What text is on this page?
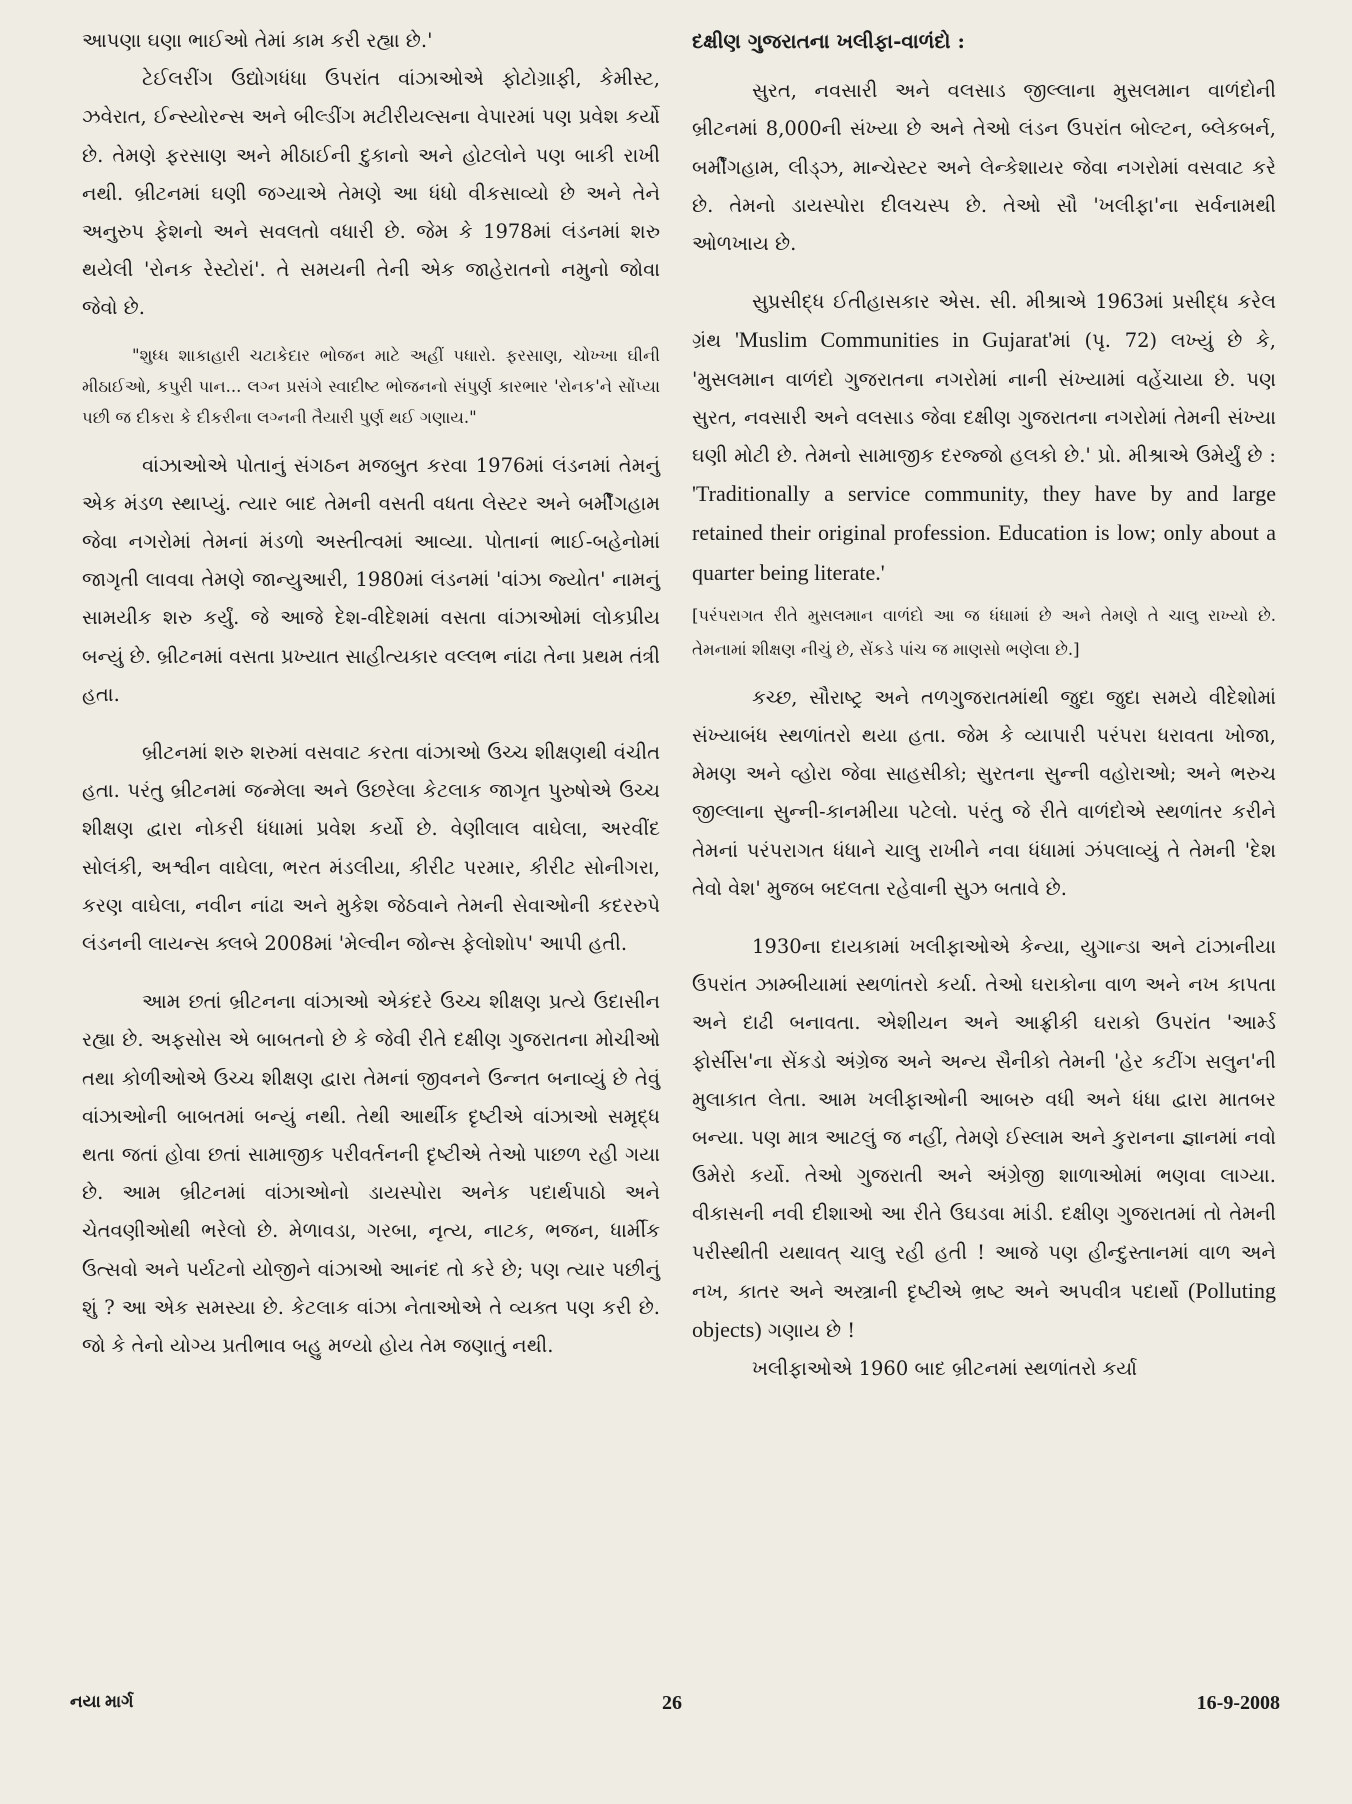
આપણા ઘણા ભાઈઓ તેમાં કામ કરી રહ્યા છે.'

ટેઈલરીંગ ઉદ્યોગધંધા ઉપરાંત વાંઝાઓએ ફોટોગ્રાફી, કેમીસ્ટ, ઝવેરાત, ઈન્સ્યોરન્સ અને બીલ્ડીંગ મટીરીયલ્સના વેપારમાં પણ પ્રવેશ કર્યો છે. તેમણે ફરસાણ અને મીઠાઈની દુકાનો અને હોટલોને પણ બાકી રાખી નથી. બ્રીટનમાં ઘણી જગ્યાએ તેમણે આ ધંધો વીકસાવ્યો છે અને તેને અનુરુપ ફેશનો અને સવલતો વધારી છે. જેમ કે 1978માં લંડનમાં શરુ થયેલી 'રોનક રેસ્ટોરાં'. તે સમયની તેની એક જાહેરાતનો નમુનો જોવા જેવો છે.

"શુધ્ધ શાકાહારી ચટાકેદાર ભોજન માટે અહીં પધારો. ફરસાણ, ચોખ્ખા ઘીની મીઠાઈઓ, કપુરી પાન... લગ્ન પ્રસંગે સ્વાદીષ્ટ ભોજનનો સંપુર્ણ કારભાર 'રોનક'ને સોંપ્યા પછી જ દીકરા કે દીકરીના લગ્નની તૈયારી પુર્ણ થઈ ગણાય."

વાંઝાઓએ પોતાનું સંગઠન મજબુત કરવા 1976માં લંડનમાં તેમનું એક મંડળ સ્થાપ્યું. ત્યાર બાદ તેમની વસતી વધતા લેસ્ટર અને બર્મીંગહામ જેવા નગરોમાં તેમનાં મંડળો અસ્તીત્વમાં આવ્યા. પોતાનાં ભાઈ-બહેનોમાં જાગૃતી લાવવા તેમણે જાન્યુઆરી, 1980માં લંડનમાં 'વાંઝા જ્યોત' નામનું સામયીક શરુ કર્યું. જે આજે દેશ-વીદેશમાં વસતા વાંઝાઓમાં લોકપ્રીય બન્યું છે. બ્રીટનમાં વસતા પ્રખ્યાત સાહીત્યકાર વલ્લભ નાંઢા તેના પ્રથમ તંત્રી હતા.

બ્રીટનમાં શરુ શરુમાં વસવાટ કરતા વાંઝાઓ ઉચ્ચ શીક્ષણથી વંચીત હતા. પરંતુ બ્રીટનમાં જન્મેલા અને ઉછરેલા કેટલાક જાગૃત પુરુષોએ ઉચ્ચ શીક્ષણ દ્વારા નોકરી ધંધામાં પ્રવેશ કર્યો છે. વેણીલાલ વાઘેલા, અરવીંદ સોલંકી, અશ્વીન વાઘેલા, ભરત મંડલીયા, કીરીટ પરમાર, કીરીટ સોનીગરા, કરણ વાઘેલા, નવીન નાંઢા અને મુકેશ જેઠવાને તેમની સેવાઓની કદરરુપે લંડનની લાયન્સ ક્લબે 2008માં 'મેલ્વીન જોન્સ ફેલોશોપ' આપી હતી.

આમ છતાં બ્રીટનના વાંઝાઓ એકંદરે ઉચ્ચ શીક્ષણ પ્રત્યે ઉદાસીન રહ્યા છે. અફસોસ એ બાબતનો છે કે જેવી રીતે દક્ષીણ ગુજરાતના મોચીઓ તથા કોળીઓએ ઉચ્ચ શીક્ષણ દ્વારા તેમનાં જીવનને ઉન્નત બનાવ્યું છે તેવું વાંઝાઓની બાબતમાં બન્યું નથી. તેથી આર્થીક દૃષ્ટીએ વાંઝાઓ સમૃદ્ધ થતા જતાં હોવા છતાં સામાજીક પરીવર્તનની દૃષ્ટીએ તેઓ પાછળ રહી ગયા છે. આમ બ્રીટનમાં વાંઝાઓનો ડાયસ્પોરા અનેક પદાર્થપાઠો અને ચેતવણીઓથી ભરેલો છે. મેળાવડા, ગરબા, નૃત્ય, નાટક, ભજન, ધાર્મીક ઉત્સવો અને પર્યટનો યોજીને વાંઝાઓ આનંદ તો કરે છે; પણ ત્યાર પછીનું શું ? આ એક સમસ્યા છે. કેટલાક વાંઝા નેતાઓએ તે વ્યક્ત પણ કરી છે. જો કે તેનો યોગ્ય પ્રતીભાવ બહુ મળ્યો હોય તેમ જણાતું નથી.

દક્ષીણ ગુજરાતના ખલીફા-વાળંદો :

સુરત, નવસારી અને વલસાડ જીલ્લાના મુસલમાન વાળંદોની બ્રીટનમાં 8,000ની સંખ્યા છે અને તેઓ લંડન ઉપરાંત બોલ્ટન, બ્લેકબર્ન, બર્મીંગહામ, લીડ્ઝ, માન્ચેસ્ટર અને લેન્કેશાયર જેવા નગરોમાં વસવાટ કરે છે. તેમનો ડાયસ્પોરા દીલચસ્પ છે. તેઓ સૌ 'ખલીફા'ના સર્વનામથી ઓળખાય છે.

સુપ્રસીદ્ધ ઈતીહાસકાર એસ. સી. મીશ્રાએ 1963માં પ્રસીદ્ધ કરેલ ગ્રંથ 'Muslim Communities in Gujarat'માં (પૃ. 72) લખ્યું છે કે, 'મુસલમાન વાળંદો ગુજરાતના નગરોમાં નાની સંખ્યામાં વહેંચાયા છે. પણ સુરત, નવસારી અને વલસાડ જેવા દક્ષીણ ગુજરાતના નગરોમાં તેમની સંખ્યા ઘણી મોટી છે. તેમનો સામાજીક દરજ્જો હલકો છે.' પ્રો. મીશ્રાએ ઉમેર્યું છે : 'Traditionally a service community, they have by and large retained their original profession. Education is low; only about a quarter being literate.'

[પરંપરાગત રીતે મુસલમાન વાળંદો આ જ ધંધામાં છે અને તેમણે તે ચાલુ રાખ્યો છે. તેમનામાં શીક્ષણ નીચું છે, સેંકડે પાંચ જ માણસો ભણેલા છે.]

કચ્છ, સૌરાષ્ટ્ર અને તળગુજરાતમાંથી જુદા જુદા સમયે વીદેશોમાં સંખ્યાબંધ સ્થળાંતરો થયા હતા. જેમ કે વ્યાપારી પરંપરા ધરાવતા ખોજા, મેમણ અને વ્હોરા જેવા સાહસીકો; સુરતના સુન્ની વહોરાઓ; અને ભરુચ જીલ્લાના સુન્ની-કાનમીયા પટેલો. પરંતુ જે રીતે વાળંદોએ સ્થળાંતર કરીને તેમનાં પરંપરાગત ધંધાને ચાલુ રાખીને નવા ધંધામાં ઝંપલાવ્યું તે તેમની 'દેશ તેવો વેશ' મુજબ બદલતા રહેવાની સુઝ બતાવે છે.

1930ના દાયકામાં ખલીફાઓએ કેન્યા, યુગાન્ડા અને ટાંઝાનીયા ઉપરાંત ઝામ્બીયામાં સ્થળાંતરો કર્યા. તેઓ ઘરાકોના વાળ અને નખ કાપતા અને દાઢી બનાવતા. એશીયન અને આફ્રીકી ઘરાકો ઉપરાંત 'આર્મ્ડ ફોર્સીસ'ના સેંકડો અંગ્રેજ અને અન્ય સૈનીકો તેમની 'હેર કટીંગ સલુન'ની મુલાકાત લેતા. આમ ખલીફાઓની આબરુ વધી અને ધંધા દ્વારા માતબર બન્યા. પણ માત્ર આટલું જ નહીં, તેમણે ઈસ્લામ અને કુરાનના જ્ઞાનમાં નવો ઉમેરો કર્યો. તેઓ ગુજરાતી અને અંગ્રેજી શાળાઓમાં ભણવા લાગ્યા. વીકાસની નવી દીશાઓ આ રીતે ઉઘડવા માંડી. દક્ષીણ ગુજરાતમાં તો તેમની પરીસ્થીતી યથાવત્ ચાલુ રહી હતી ! આજે પણ હીન્દુસ્તાનમાં વાળ અને નખ, કાતર અને અસ્ત્રાની દૃષ્ટીએ ભ્રષ્ટ અને અપવીત્ર પદાર્થો (Polluting objects) ગણાય છે !

ખલીફાઓએ 1960 બાદ બ્રીટનમાં સ્થળાંતરો કર્યા

નયા માર્ગ	26	16-9-2008
